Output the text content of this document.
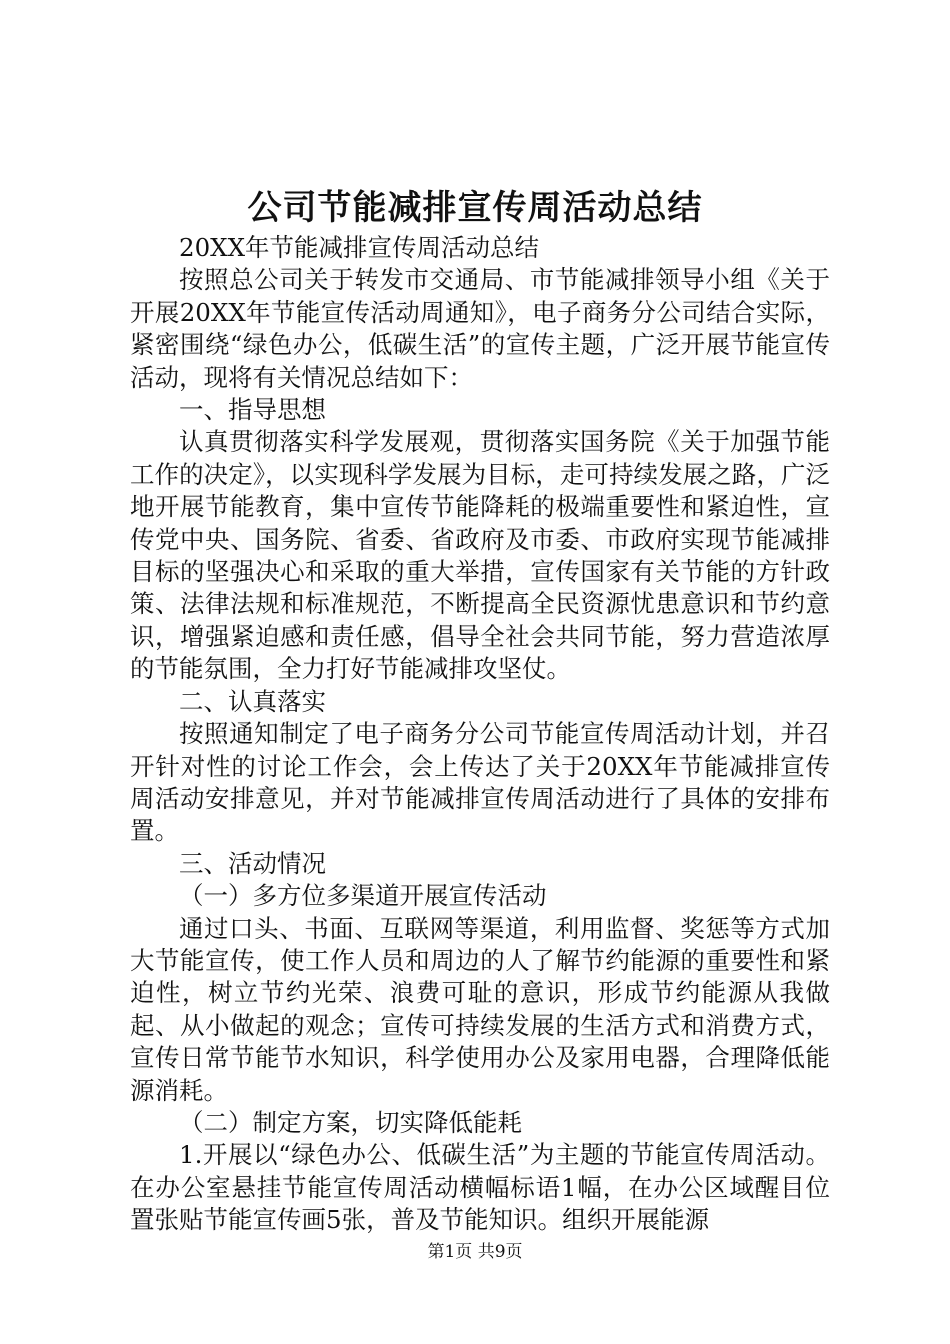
公司节能减排宣传周活动总结

20XX年节能减排宣传周活动总结

按照总公司关于转发市交通局、市节能减排领导小组《关于开展20XX年节能宣传活动周通知》，电子商务分公司结合实际，紧密围绕“绿色办公，低碳生活”的宣传主题，广泛开展节能宣传活动，现将有关情况总结如下：

一、指导思想

认真贯彻落实科学发展观，贯彻落实国务院《关于加强节能工作的决定》，以实现科学发展为目标，走可持续发展之路，广泛地开展节能教育，集中宣传节能降耗的极端重要性和紧迫性，宣传党中央、国务院、省委、省政府及市委、市政府实现节能减排目标的坚强决心和采取的重大举措，宣传国家有关节能的方针政策、法律法规和标准规范，不断提高全民资源忧患意识和节约意识，增强紧迫感和责任感，倡导全社会共同节能，努力营造浓厚的节能氛围，全力打好节能减排攻坚仗。

二、认真落实

按照通知制定了电子商务分公司节能宣传周活动计划，并召开针对性的讨论工作会，会上传达了关于20XX年节能减排宣传周活动安排意见，并对节能减排宣传周活动进行了具体的安排布置。

三、活动情况

（一）多方位多渠道开展宣传活动

通过口头、书面、互联网等渠道，利用监督、奖惩等方式加大节能宣传，使工作人员和周边的人了解节约能源的重要性和紧迫性，树立节约光荣、浪费可耻的意识，形成节约能源从我做起、从小做起的观念；宣传可持续发展的生活方式和消费方式，宣传日常节能节水知识，科学使用办公及家用电器，合理降低能源消耗。

（二）制定方案，切实降低能耗

1.开展以“绿色办公、低碳生活”为主题的节能宣传周活动。在办公室悬挂节能宣传周活动横幅标语1幅，在办公区域醒目位置张贴节能宣传画5张，普及节能知识。组织开展能源

第1页 共9页
